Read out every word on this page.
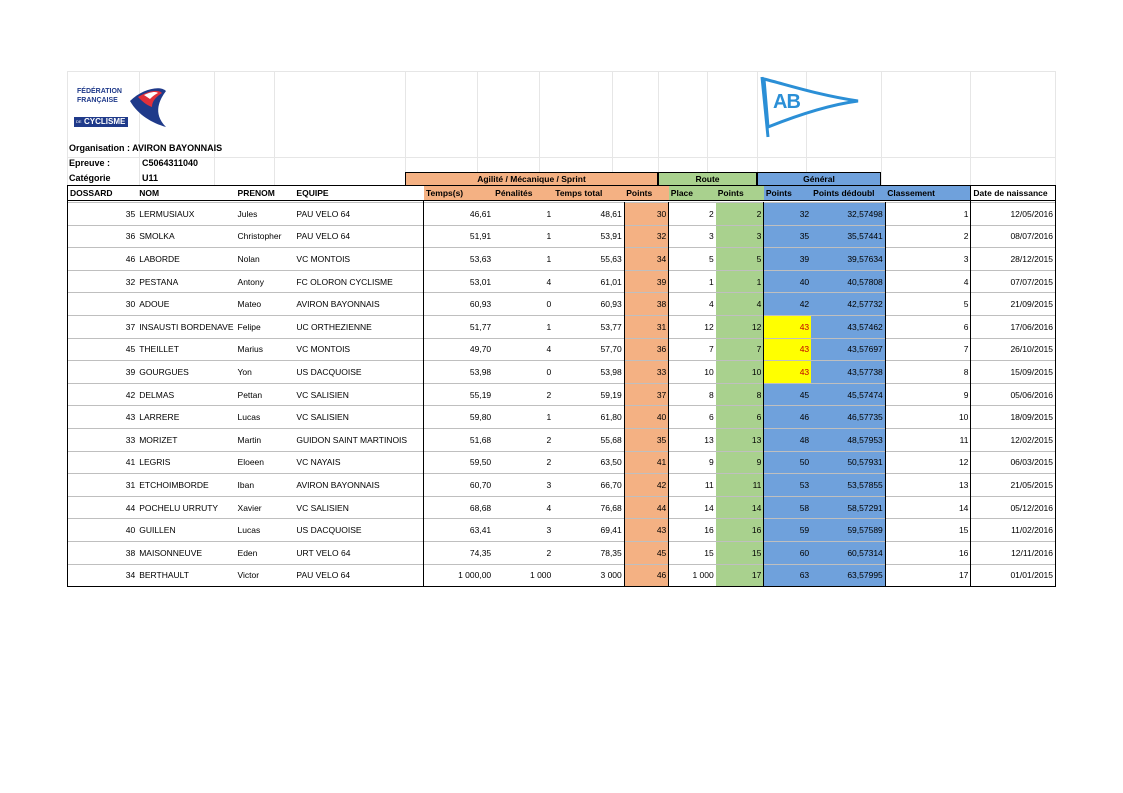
FÉDÉRATION
FRANÇAISE
DE CYCLISME
AB
Organisation : AVIRON BAYONNAIS
Epreuve :	C5064311040
Catégorie	U11	Agilité / Mécanique / Sprint	Route	Général
DOSSARD	NOM	PRENOM	EQUIPE	Temps(s)	Pénalités	Temps total	Points	Place	Points	Points	Points dédoubl	Classement	Date de naissance

35	LERMUSIAUX	Jules	PAU VELO 64	46,61	1	48,61	30	2	2	32	32,57498	1	12/05/2016
36	SMOLKA	Christopher	PAU VELO 64	51,91	1	53,91	32	3	3	35	35,57441	2	08/07/2016
46	LABORDE	Nolan	VC MONTOIS	53,63	1	55,63	34	5	5	39	39,57634	3	28/12/2015
32	PESTANA	Antony	FC OLORON CYCLISME	53,01	4	61,01	39	1	1	40	40,57808	4	07/07/2015
30	ADOUE	Mateo	AVIRON BAYONNAIS	60,93	0	60,93	38	4	4	42	42,57732	5	21/09/2015
37	INSAUSTI BORDENAVE	Felipe	UC ORTHEZIENNE	51,77	1	53,77	31	12	12	43	43,57462	6	17/06/2016
45	THEILLET	Marius	VC MONTOIS	49,70	4	57,70	36	7	7	43	43,57697	7	26/10/2015
39	GOURGUES	Yon	US DACQUOISE	53,98	0	53,98	33	10	10	43	43,57738	8	15/09/2015
42	DELMAS	Pettan	VC SALISIEN	55,19	2	59,19	37	8	8	45	45,57474	9	05/06/2016
43	LARRERE	Lucas	VC SALISIEN	59,80	1	61,80	40	6	6	46	46,57735	10	18/09/2015
33	MORIZET	Martin	GUIDON SAINT MARTINOIS	51,68	2	55,68	35	13	13	48	48,57953	11	12/02/2015
41	LEGRIS	Eloeen	VC NAYAIS	59,50	2	63,50	41	9	9	50	50,57931	12	06/03/2015
31	ETCHOIMBORDE	Iban	AVIRON BAYONNAIS	60,70	3	66,70	42	11	11	53	53,57855	13	21/05/2015
44	POCHELU URRUTY	Xavier	VC SALISIEN	68,68	4	76,68	44	14	14	58	58,57291	14	05/12/2016
40	GUILLEN	Lucas	US DACQUOISE	63,41	3	69,41	43	16	16	59	59,57589	15	11/02/2016
38	MAISONNEUVE	Eden	URT VELO 64	74,35	2	78,35	45	15	15	60	60,57314	16	12/11/2016
34	BERTHAULT	Victor	PAU VELO 64	1 000,00	1 000	3 000	46	1 000	17	63	63,57995	17	01/01/2015
